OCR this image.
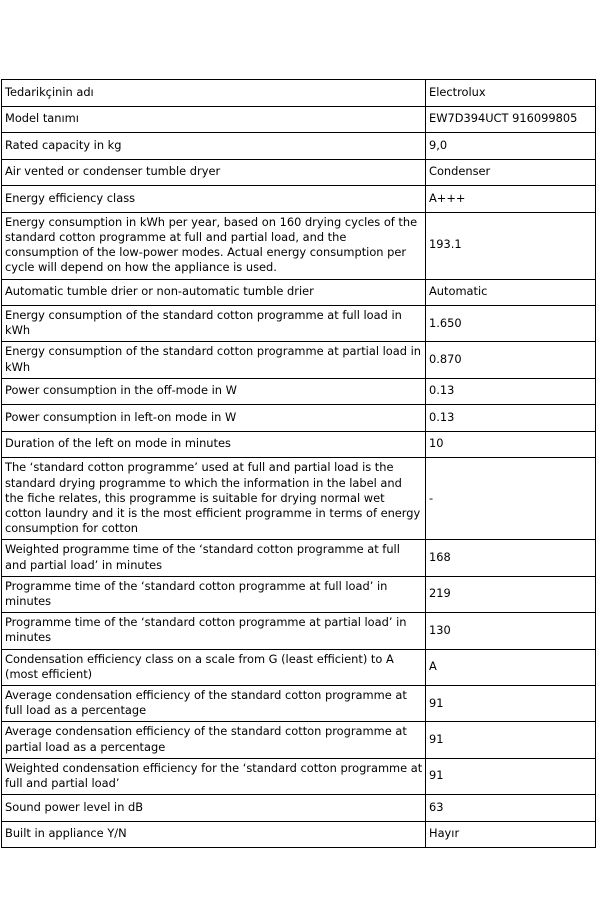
Tedarikçinin adı	Electrolux
Model tanımı	EW7D394UCT 916099805
Rated capacity in kg	9,0
Air vented or condenser tumble dryer	Condenser
Energy efficiency class	A+++
Energy consumption in kWh per year, based on 160 drying cycles of the standard cotton programme at full and partial load, and the consumption of the low-power modes. Actual energy consumption per cycle will depend on how the appliance is used.	193.1
Automatic tumble drier or non-automatic tumble drier	Automatic
Energy consumption of the standard cotton programme at full load in kWh	1.650
Energy consumption of the standard cotton programme at partial load in kWh	0.870
Power consumption in the off-mode in W	0.13
Power consumption in left-on mode in W	0.13
Duration of the left on mode in minutes	10
The ‘standard cotton programme’ used at full and partial load is the standard drying programme to which the information in the label and the fiche relates, this programme is suitable for drying normal wet cotton laundry and it is the most efficient programme in terms of energy consumption for cotton	-
Weighted programme time of the ‘standard cotton programme at full and partial load’ in minutes	168
Programme time of the ‘standard cotton programme at full load’ in minutes	219
Programme time of the ‘standard cotton programme at partial load’ in minutes	130
Condensation efficiency class on a scale from G (least efficient) to A (most efficient)	A
Average condensation efficiency of the standard cotton programme at full load as a percentage	91
Average condensation efficiency of the standard cotton programme at partial load as a percentage	91
Weighted condensation efficiency for the ‘standard cotton programme at full and partial load’	91
Sound power level in dB	63
Built in appliance Y/N	Hayır
